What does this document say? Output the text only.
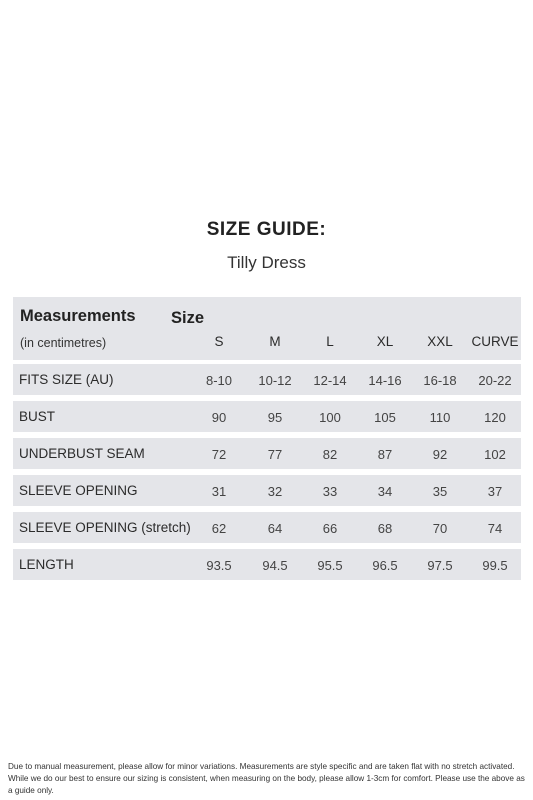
SIZE GUIDE:
Tilly Dress
Measurements
(in centimetres)
Size
S	M	L	XL	XXL	CURVE
FITS SIZE (AU)	8-10	10-12	12-14	14-16	16-18	20-22
BUST	90	95	100	105	110	120
UNDERBUST SEAM	72	77	82	87	92	102
SLEEVE OPENING	31	32	33	34	35	37
SLEEVE OPENING (stretch)	62	64	66	68	70	74
LENGTH	93.5	94.5	95.5	96.5	97.5	99.5
Due to manual measurement, please allow for minor variations. Measurements are style specific and are taken flat with no stretch activated. While we do our best to ensure our sizing is consistent, when measuring on the body, please allow 1-3cm for comfort. Please use the above as a guide only.
